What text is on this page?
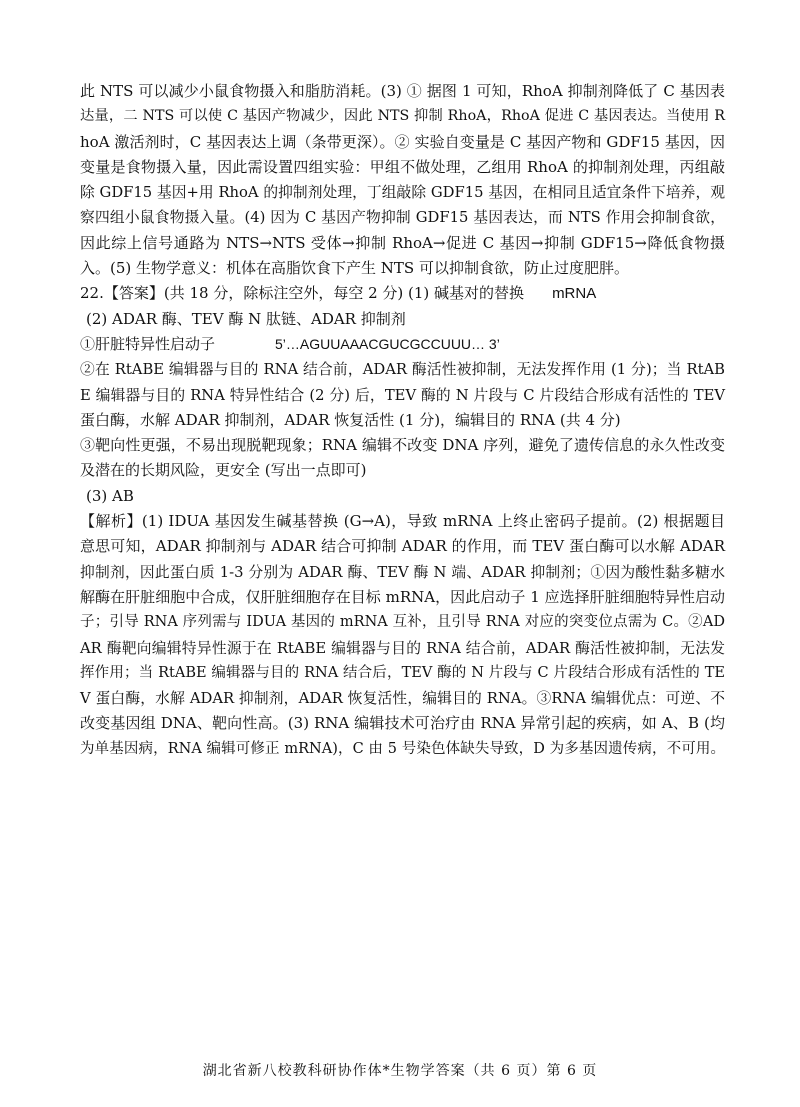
此 NTS 可以减少小鼠食物摄入和脂肪消耗。(3) ① 据图 1 可知，RhoA 抑制剂降低了 C 基因表
达量，二 NTS 可以使 C 基因产物减少，因此 NTS 抑制 RhoA，RhoA 促进 C 基因表达。当使用 R
hoA 激活剂时，C 基因表达上调（条带更深）。② 实验自变量是 C 基因产物和 GDF15 基因，因
变量是食物摄入量，因此需设置四组实验：甲组不做处理，乙组用 RhoA 的抑制剂处理，丙组敲
除 GDF15 基因+用 RhoA 的抑制剂处理，丁组敲除 GDF15 基因，在相同且适宜条件下培养，观
察四组小鼠食物摄入量。(4) 因为 C 基因产物抑制 GDF15 基因表达，而 NTS 作用会抑制食欲，
因此综上信号通路为 NTS→NTS 受体→抑制 RhoA→促进 C 基因→抑制 GDF15→降低食物摄
入。(5) 生物学意义：机体在高脂饮食下产生 NTS 可以抑制食欲，防止过度肥胖。
22.【答案】(共 18 分，除标注空外，每空 2 分) (1) 碱基对的替换 mRNA
(2) ADAR 酶、TEV 酶 N 肽链、ADAR 抑制剂
①肝脏特异性启动子	5’…AGUUAAACGUCGCCUUU… 3’
②在 RtABE 编辑器与目的 RNA 结合前，ADAR 酶活性被抑制，无法发挥作用 (1 分)；当 RtAB
E 编辑器与目的 RNA 特异性结合 (2 分) 后，TEV 酶的 N 片段与 C 片段结合形成有活性的 TEV
蛋白酶，水解 ADAR 抑制剂，ADAR 恢复活性 (1 分)，编辑目的 RNA (共 4 分)
③靶向性更强，不易出现脱靶现象；RNA 编辑不改变 DNA 序列，避免了遗传信息的永久性改变
及潜在的长期风险，更安全 (写出一点即可)
(3) AB
【解析】(1) IDUA 基因发生碱基替换 (G→A)，导致 mRNA 上终止密码子提前。(2) 根据题目
意思可知，ADAR 抑制剂与 ADAR 结合可抑制 ADAR 的作用，而 TEV 蛋白酶可以水解 ADAR
抑制剂，因此蛋白质 1-3 分别为 ADAR 酶、TEV 酶 N 端、ADAR 抑制剂；①因为酸性黏多糖水
解酶在肝脏细胞中合成，仅肝脏细胞存在目标 mRNA，因此启动子 1 应选择肝脏细胞特异性启动
子；引导 RNA 序列需与 IDUA 基因的 mRNA 互补，且引导 RNA 对应的突变位点需为 C。②AD
AR 酶靶向编辑特异性源于在 RtABE 编辑器与目的 RNA 结合前，ADAR 酶活性被抑制，无法发
挥作用；当 RtABE 编辑器与目的 RNA 结合后，TEV 酶的 N 片段与 C 片段结合形成有活性的 TE
V 蛋白酶，水解 ADAR 抑制剂，ADAR 恢复活性，编辑目的 RNA。③RNA 编辑优点：可逆、不
改变基因组 DNA、靶向性高。(3) RNA 编辑技术可治疗由 RNA 异常引起的疾病，如 A、B (均
为单基因病，RNA 编辑可修正 mRNA)，C 由 5 号染色体缺失导致，D 为多基因遗传病，不可用。
湖北省新八校教科研协作体*生物学答案（共 6 页）第 6 页
